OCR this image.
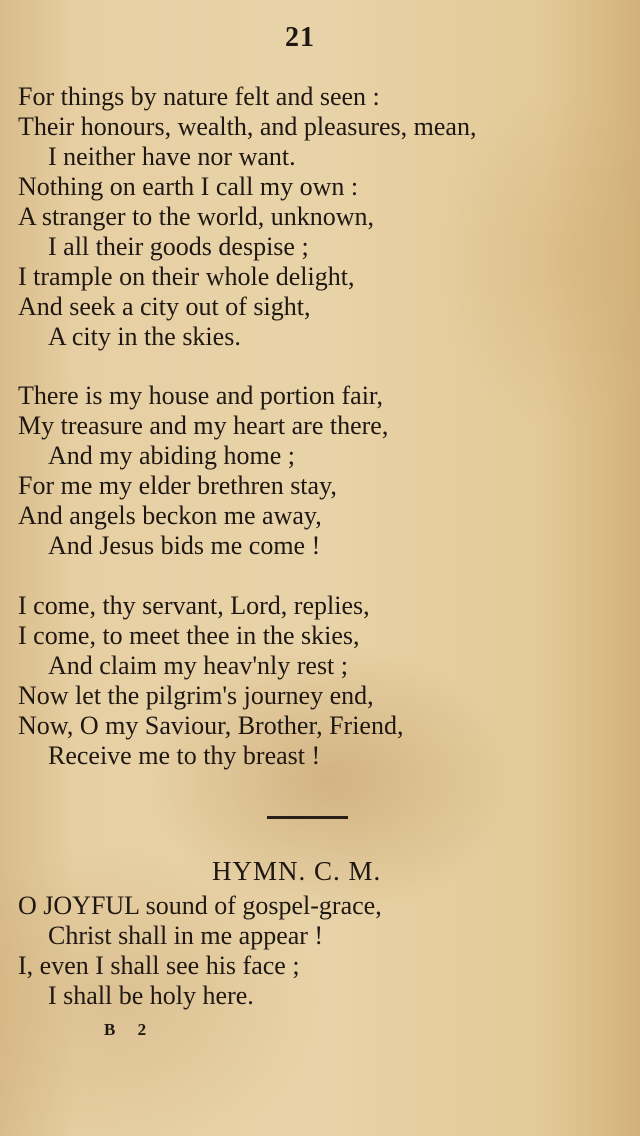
21
For things by nature felt and seen :
Their honours, wealth, and pleasures, mean,
I neither have nor want.
Nothing on earth I call my own :
A stranger to the world, unknown,
I all their goods despise ;
I trample on their whole delight,
And seek a city out of sight,
A city in the skies.
There is my house and portion fair,
My treasure and my heart are there,
And my abiding home ;
For me my elder brethren stay,
And angels beckon me away,
And Jesus bids me come !
I come, thy servant, Lord, replies,
I come, to meet thee in the skies,
And claim my heav'nly rest ;
Now let the pilgrim's journey end,
Now, O my Saviour, Brother, Friend,
Receive me to thy breast !
HYMN. C. M.
O JOYFUL sound of gospel-grace,
Christ shall in me appear !
I, even I shall see his face ;
I shall be holy here.
B 2
